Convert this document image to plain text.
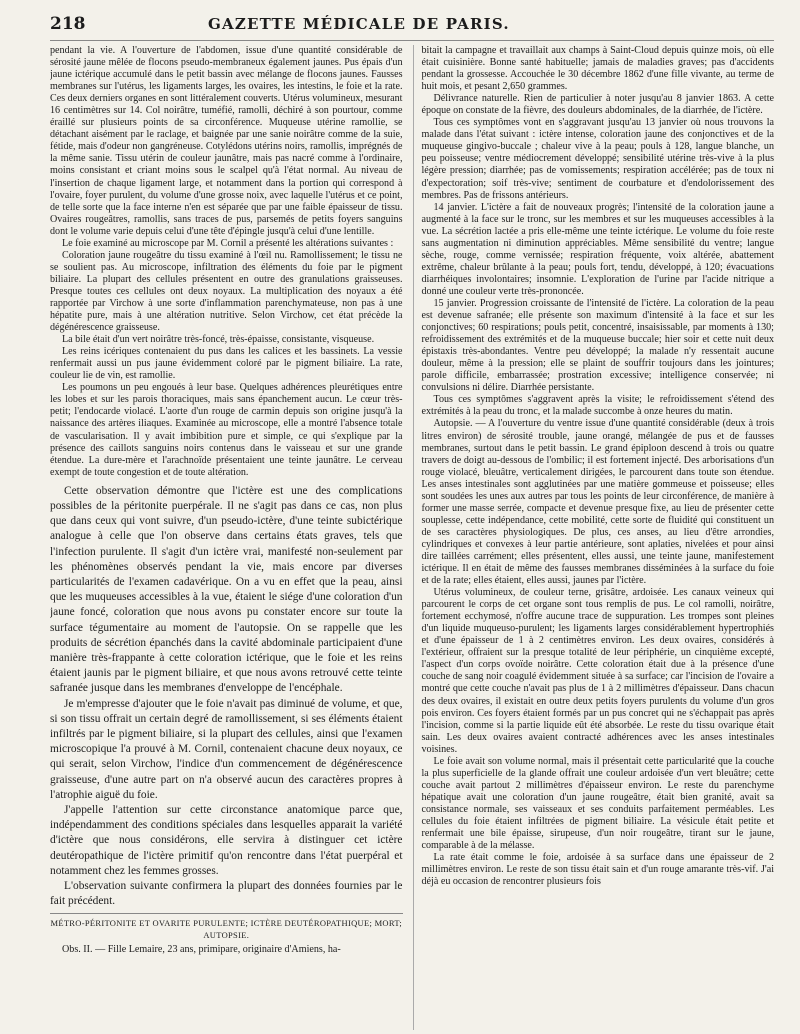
218	GAZETTE MÉDICALE DE PARIS.

pendant la vie. A l'ouverture de l'abdomen, issue d'une quantité considérable de sérosité jaune mêlée de flocons pseudo-membraneux également jaunes. Pus épais d'un jaune ictérique accumulé dans le petit bassin avec mélange de flocons jaunes. Fausses membranes sur l'utérus, les ligaments larges, les ovaires, les intestins, le foie et la rate. Ces deux derniers organes en sont littéralement couverts. Utérus volumineux, mesurant 16 centimètres sur 14. Col noirâtre, tuméfié, ramolli, déchiré à son pourtour, comme éraillé sur plusieurs points de sa circonférence. Muqueuse utérine ramollie, se détachant aisément par le raclage, et baignée par une sanie noirâtre comme de la suie, fétide, mais d'odeur non gangréneuse. Cotylédons utérins noirs, ramollis, imprégnés de la même sanie. Tissu utérin de couleur jaunâtre, mais pas nacré comme à l'ordinaire, moins consistant et criant moins sous le scalpel qu'à l'état normal. Au niveau de l'insertion de chaque ligament large, et notamment dans la portion qui correspond à l'ovaire, foyer purulent, du volume d'une grosse noix, avec laquelle l'utérus et ce point, de telle sorte que la face interne n'en est séparée que par une faible épaisseur de tissu. Ovaires rougeâtres, ramollis, sans traces de pus, parsemés de petits foyers sanguins dont le volume varie depuis celui d'une tête d'épingle jusqu'à celui d'une lentille.

Le foie examiné au microscope par M. Cornil a présenté les altérations suivantes :

Coloration jaune rougeâtre du tissu examiné à l'œil nu. Ramollissement; le tissu ne se soulient pas. Au microscope, infiltration des éléments du foie par le pigment biliaire. La plupart des cellules présentent en outre des granulations graisseuses. Presque toutes ces cellules ont deux noyaux. La multiplication des noyaux a été rapportée par Virchow à une sorte d'inflammation parenchymateuse, non pas à une hépatite pure, mais à une altération nutritive. Selon Virchow, cet état précède la dégénérescence graisseuse.

La bile était d'un vert noirâtre très-foncé, très-épaisse, consistante, visqueuse.

Les reins icériques contenaient du pus dans les calices et les bassinets. La vessie renfermait aussi un pus jaune évidemment coloré par le pigment biliaire. La rate, couleur lie de vin, est ramollie.

Les poumons un peu engoués à leur base. Quelques adhérences pleurétiques entre les lobes et sur les parois thoraciques, mais sans épanchement aucun. Le cœur très-petit; l'endocarde violacé. L'aorte d'un rouge de carmin depuis son origine jusqu'à la naissance des artères iliaques. Examinée au microscope, elle a montré l'absence totale de vascularisation. Il y avait imbibition pure et simple, ce qui s'explique par la présence des caillots sanguins noirs contenus dans le vaisseau et sur une grande étendue. La dure-mère et l'arachnoïde présentaient une teinte jaunâtre. Le cerveau exempt de toute congestion et de toute altération.

Cette observation démontre que l'ictère est une des complications possibles de la péritonite puerpérale. Il ne s'agit pas dans ce cas, non plus que dans ceux qui vont suivre, d'un pseudo-ictère, d'une teinte subictérique analogue à celle que l'on observe dans certains états graves, tels que l'infection purulente. Il s'agit d'un ictère vrai, manifesté non-seulement par les phénomènes observés pendant la vie, mais encore par diverses particularités de l'examen cadavérique. On a vu en effet que la peau, ainsi que les muqueuses accessibles à la vue, étaient le siége d'une coloration d'un jaune foncé, coloration que nous avons pu constater encore sur toute la surface tégumentaire au moment de l'autopsie. On se rappelle que les produits de sécrétion épanchés dans la cavité abdominale participaient d'une manière très-frappante à cette coloration ictérique, que le foie et les reins étaient jaunis par le pigment biliaire, et que nous avons retrouvé cette teinte safranée jusque dans les membranes d'enveloppe de l'encéphale.

Je m'empresse d'ajouter que le foie n'avait pas diminué de volume, et que, si son tissu offrait un certain degré de ramollissement, si ses éléments étaient infiltrés par le pigment biliaire, si la plupart des cellules, ainsi que l'examen microscopique l'a prouvé à M. Cornil, contenaient chacune deux noyaux, ce qui serait, selon Virchow, l'indice d'un commencement de dégénérescence graisseuse, d'une autre part on n'a observé aucun des caractères propres à l'atrophie aiguë du foie.

J'appelle l'attention sur cette circonstance anatomique parce que, indépendamment des conditions spéciales dans lesquelles apparait la variété d'ictère que nous considérons, elle servira à distinguer cet ictère deutéropathique de l'ictère primitif qu'on rencontre dans l'état puerpéral et notamment chez les femmes grosses.

L'observation suivante confirmera la plupart des données fournies par le fait précédent.

MÉTRO-PÉRITONITE ET OVARITE PURULENTE; ICTÈRE DEUTÉROPATHIQUE; MORT; AUTOPSIE.

Obs. II. — Fille Lemaire, 23 ans, primipare, originaire d'Amiens, ha-

bitait la campagne et travaillait aux champs à Saint-Cloud depuis quinze mois, où elle était cuisinière. Bonne santé habituelle; jamais de maladies graves; pas d'accidents pendant la grossesse. Accouchée le 30 décembre 1862 d'une fille vivante, au terme de huit mois, et pesant 2,650 grammes.

Délivrance naturelle. Rien de particulier à noter jusqu'au 8 janvier 1863. A cette époque on constate de la fièvre, des douleurs abdominales, de la diarrhée, de l'ictère.

Tous ces symptômes vont en s'aggravant jusqu'au 13 janvier où nous trouvons la malade dans l'état suivant : ictère intense, coloration jaune des conjonctives et de la muqueuse gingivo-buccale ; chaleur vive à la peau; pouls à 128, langue blanche, un peu poisseuse; ventre médiocrement développé; sensibilité utérine très-vive à la plus légère pression; diarrhée; pas de vomissements; respiration accélérée; pas de toux ni d'expectoration; soif très-vive; sentiment de courbature et d'endolorissement des membres. Pas de frissons antérieurs.

14 janvier. L'ictère a fait de nouveaux progrès; l'intensité de la coloration jaune a augmenté à la face sur le tronc, sur les membres et sur les muqueuses accessibles à la vue. La sécrétion lactée a pris elle-même une teinte ictérique. Le volume du foie reste sans augmentation ni diminution appréciables. Même sensibilité du ventre; langue sèche, rouge, comme vernissée; respiration fréquente, voix altérée, abattement extrême, chaleur brûlante à la peau; pouls fort, tendu, développé, à 120; évacuations diarrhéiques involontaires; insomnie. L'exploration de l'urine par l'acide nitrique a donné une couleur verte très-prononcée.

15 janvier. Progression croissante de l'intensité de l'ictère. La coloration de la peau est devenue safranée; elle présente son maximum d'intensité à la face et sur les conjonctives; 60 respirations; pouls petit, concentré, insaisissable, par moments à 130; refroidissement des extrémités et de la muqueuse buccale; hier soir et cette nuit deux épistaxis très-abondantes. Ventre peu développé; la malade n'y ressentait aucune douleur, même à la pression; elle se plaint de souffrir toujours dans les jointures; parole difficile, embarrassée; prostration excessive; intelligence conservée; ni convulsions ni délire. Diarrhée persistante.

Tous ces symptômes s'aggravent après la visite; le refroidissement s'étend des extrémités à la peau du tronc, et la malade succombe à onze heures du matin.

Autopsie. — A l'ouverture du ventre issue d'une quantité considérable (deux à trois litres environ) de sérosité trouble, jaune orangé, mélangée de pus et de fausses membranes, surtout dans le petit bassin. Le grand épiploon descend à trois ou quatre travers de doigt au-dessous de l'ombilic; il est fortement injecté. Des arborisations d'un rouge violacé, bleuâtre, verticalement dirigées, le parcourent dans toute son étendue. Les anses intestinales sont agglutinées par une matière gommeuse et poisseuse; elles sont soudées les unes aux autres par tous les points de leur circonférence, de manière à former une masse serrée, compacte et devenue presque fixe, au lieu de présenter cette souplesse, cette indépendance, cette mobilité, cette sorte de fluidité qui constituent un de ses caractères physiologiques. De plus, ces anses, au lieu d'être arrondies, cylindriques et convexes à leur partie antérieure, sont aplaties, nivelées et pour ainsi dire taillées carrément; elles présentent, elles aussi, une teinte jaune, manifestement ictérique. Il en était de même des fausses membranes disséminées à la surface du foie et de la rate; elles étaient, elles aussi, jaunes par l'ictère.

Utérus volumineux, de couleur terne, grisâtre, ardoisée. Les canaux veineux qui parcourent le corps de cet organe sont tous remplis de pus. Le col ramolli, noirâtre, fortement ecchymosé, n'offre aucune trace de suppuration. Les trompes sont pleines d'un liquide muqueuso-purulent; les ligaments larges considérablement hypertrophiés et d'une épaisseur de 1 à 2 centimètres environ. Les deux ovaires, considérés à l'extérieur, offraient sur la presque totalité de leur périphérie, un cinquième excepté, l'aspect d'un corps ovoïde noirâtre. Cette coloration était due à la présence d'une couche de sang noir coagulé évidemment située à sa surface; car l'incision de l'ovaire a montré que cette couche n'avait pas plus de 1 à 2 millimètres d'épaisseur. Dans chacun des deux ovaires, il existait en outre deux petits foyers purulents du volume d'un gros pois environ. Ces foyers étaient formés par un pus concret qui ne s'échappait pas après l'incision, comme si la partie liquide eût été absorbée. Le reste du tissu ovarique était sain. Les deux ovaires avaient contracté adhérences avec les anses intestinales voisines.

Le foie avait son volume normal, mais il présentait cette particularité que la couche la plus superficielle de la glande offrait une couleur ardoisée d'un vert bleuâtre; cette couche avait partout 2 millimètres d'épaisseur environ. Le reste du parenchyme hépatique avait une coloration d'un jaune rougeâtre, était bien granité, avait sa consistance normale, ses vaisseaux et ses conduits parfaitement perméables. Les cellules du foie étaient infiltrées de pigment biliaire. La vésicule était petite et renfermait une bile épaisse, sirupeuse, d'un noir rougeâtre, tirant sur le jaune, comparable à de la mélasse.

La rate était comme le foie, ardoisée à sa surface dans une épaisseur de 2 millimètres environ. Le reste de son tissu était sain et d'un rouge amarante très-vif. J'ai déjà eu occasion de rencontrer plusieurs fois
